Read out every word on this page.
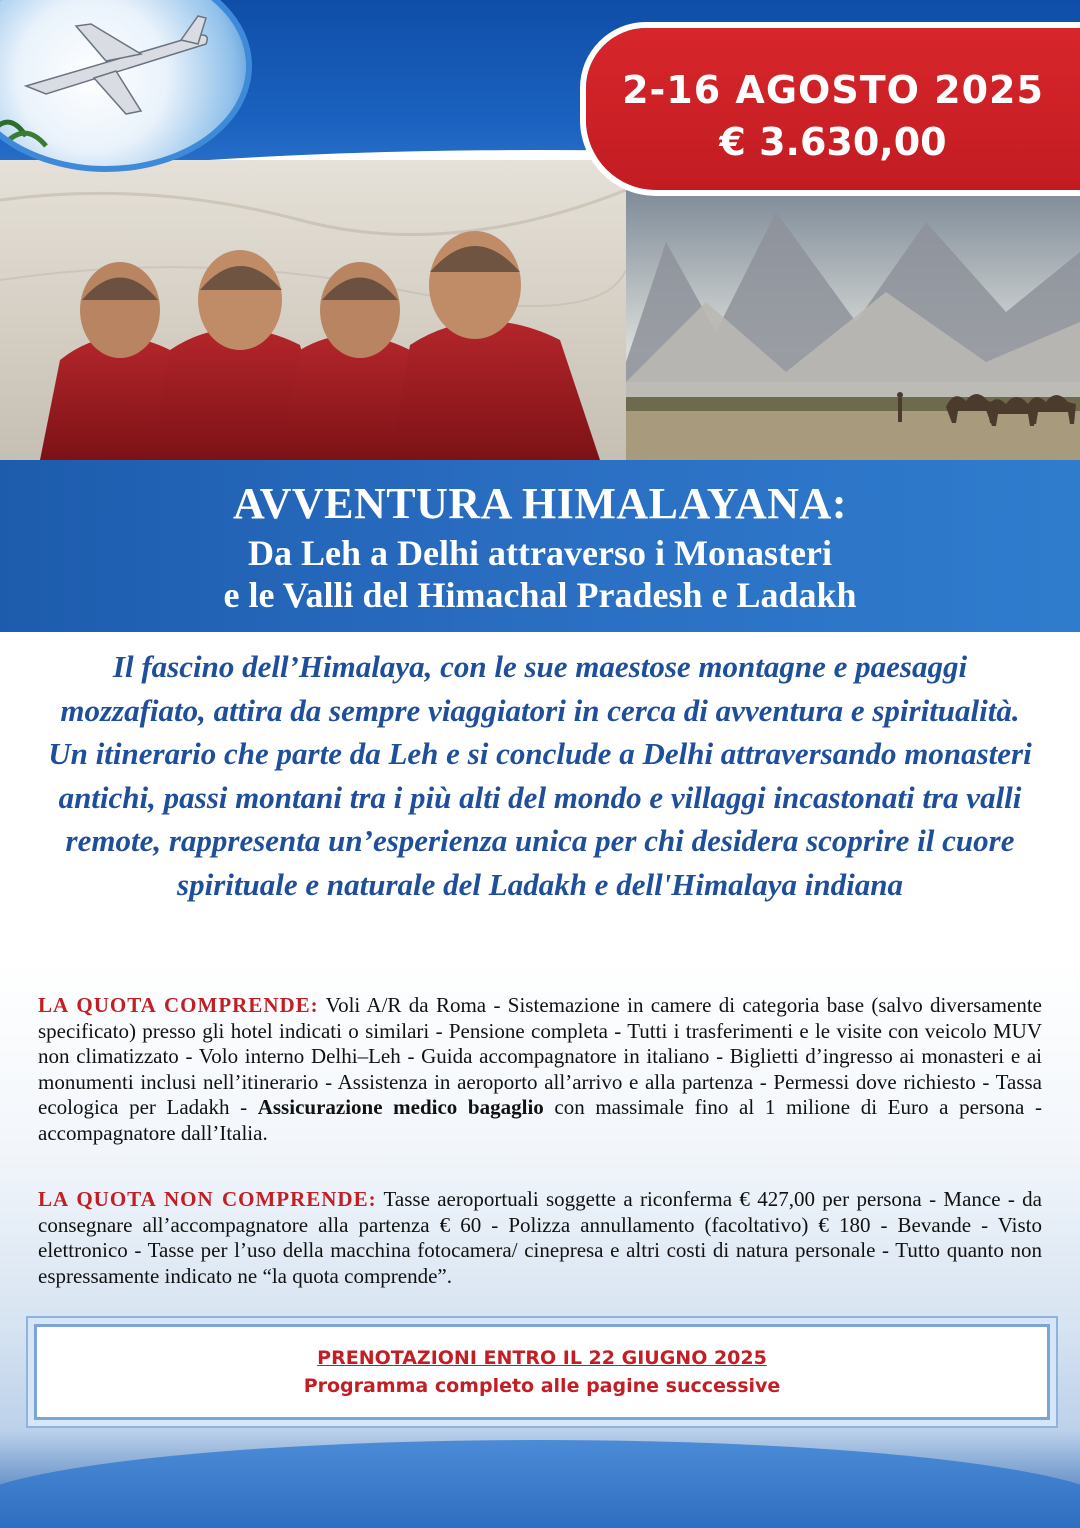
2-16 AGOSTO 2025
€ 3.630,00
AVVENTURA HIMALAYANA:
Da Leh a Delhi attraverso i Monasteri
e le Valli del Himachal Pradesh e Ladakh
Il fascino dell’Himalaya, con le sue maestose montagne e paesaggi mozzafiato, attira da sempre viaggiatori in cerca di avventura e spiritualità. Un itinerario che parte da Leh e si conclude a Delhi attraversando monasteri antichi, passi montani tra i più alti del mondo e villaggi incastonati tra valli remote, rappresenta un’esperienza unica per chi desidera scoprire il cuore spirituale e naturale del Ladakh e dell'Himalaya indiana
LA QUOTA COMPRENDE: Voli A/R da Roma - Sistemazione in camere di categoria base (salvo diversamente specificato) presso gli hotel indicati o similari - Pensione completa - Tutti i trasferimenti e le visite con veicolo MUV non climatizzato - Volo interno Delhi–Leh - Guida accompagnatore in italiano - Biglietti d’ingresso ai monasteri e ai monumenti inclusi nell’itinerario - Assistenza in aeroporto all’arrivo e alla partenza - Permessi dove richiesto - Tassa ecologica per Ladakh - Assicurazione medico bagaglio con massimale fino al 1 milione di Euro a persona - accompagnatore dall’Italia.
LA QUOTA NON COMPRENDE: Tasse aeroportuali soggette a riconferma € 427,00 per persona - Mance - da consegnare all’accompagnatore alla partenza € 60 - Polizza annullamento (facoltativo) € 180 - Bevande - Visto elettronico - Tasse per l’uso della macchina fotocamera/ cinepresa e altri costi di natura personale - Tutto quanto non espressamente indicato ne “la quota comprende”.
PRENOTAZIONI ENTRO IL 22 GIUGNO 2025
Programma completo alle pagine successive
